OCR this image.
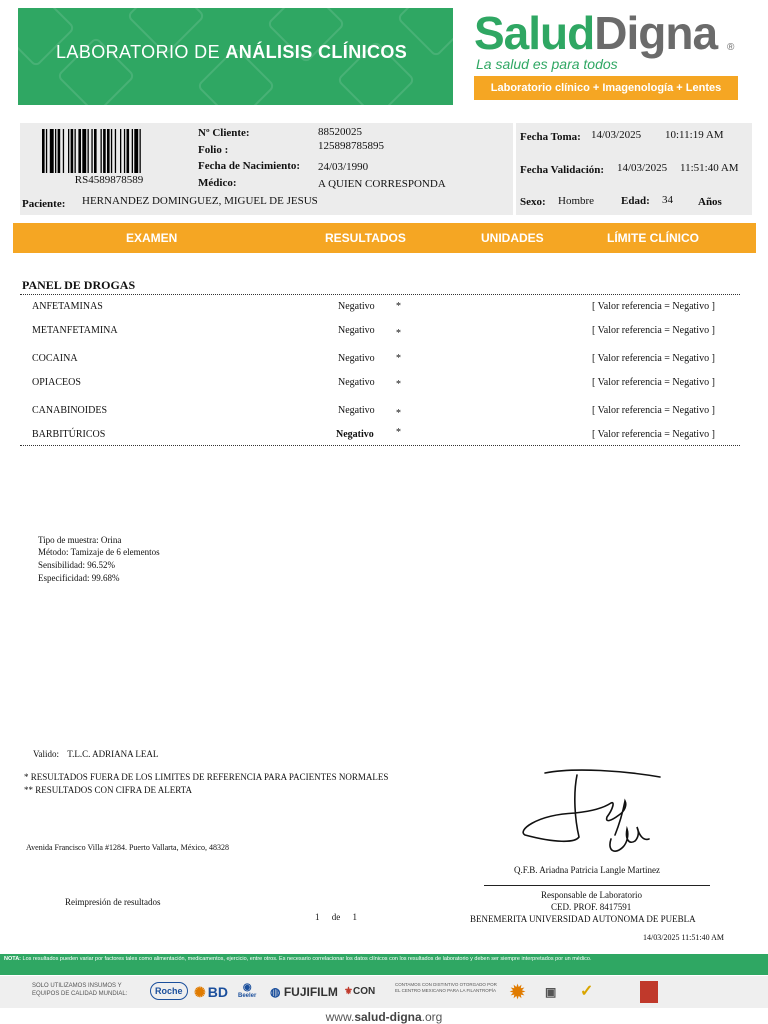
LABORATORIO DE ANÁLISIS CLÍNICOS SaludDigna ®
La salud es para todos
Laboratorio clínico + Imagenología + Lentes
RS4589878589
Nº Cliente:	88520025
Folio :	125898785895
Fecha de Nacimiento: 24/03/1990
Médico:	A QUIEN CORRESPONDA
Paciente: HERNANDEZ DOMINGUEZ, MIGUEL DE JESUS
Fecha Toma: 14/03/2025 10:11:19 AM
Fecha Validación: 14/03/2025 11:51:40 AM
Sexo: Hombre Edad: 34 Años
EXAMEN	RESULTADOS	UNIDADES	LÍMITE CLÍNICO
PANEL DE DROGAS
ANFETAMINAS	Negativo *	[ Valor referencia = Negativo ]
METANFETAMINA	Negativo *	[ Valor referencia = Negativo ]
COCAINA	Negativo *	[ Valor referencia = Negativo ]
OPIACEOS	Negativo *	[ Valor referencia = Negativo ]
CANABINOIDES	Negativo *	[ Valor referencia = Negativo ]
BARBITÚRICOS	Negativo *	[ Valor referencia = Negativo ]
Tipo de muestra: Orina
Método: Tamizaje de 6 elementos
Sensibilidad: 96.52%
Especificidad: 99.68%
Valido: T.L.C. ADRIANA LEAL
* RESULTADOS FUERA DE LOS LIMITES DE REFERENCIA PARA PACIENTES NORMALES
** RESULTADOS CON CIFRA DE ALERTA
Avenida Francisco Villa #1284. Puerto Vallarta, México, 48328
Reimpresión de resultados
1 de 1
Q.F.B. Ariadna Patricia Langle Martinez
Responsable de Laboratorio
CED. PROF. 8417591
BENEMERITA UNIVERSIDAD AUTONOMA DE PUEBLA
14/03/2025 11:51:40 AM
NOTA: Los resultados pueden variar por factores tales como alimentación, medicamentos, ejercicio, entre otros. Es necesario correlacionar los datos clínicos con los resultados de laboratorio y deben ser siempre interpretados por un médico.
SOLO UTILIZAMOS INSUMOS Y EQUIPOS DE CALIDAD MUNDIAL:	Roche ✺ BD	◉
Beeler ◍ FUJIFILM ⚜CON
CONTAMOS CON DISTINTIVO OTORGADO POR EL CENTRO MEXICANO PARA LA FILANTROPÍA ✹ ▣ ✓
www.salud-digna.org
